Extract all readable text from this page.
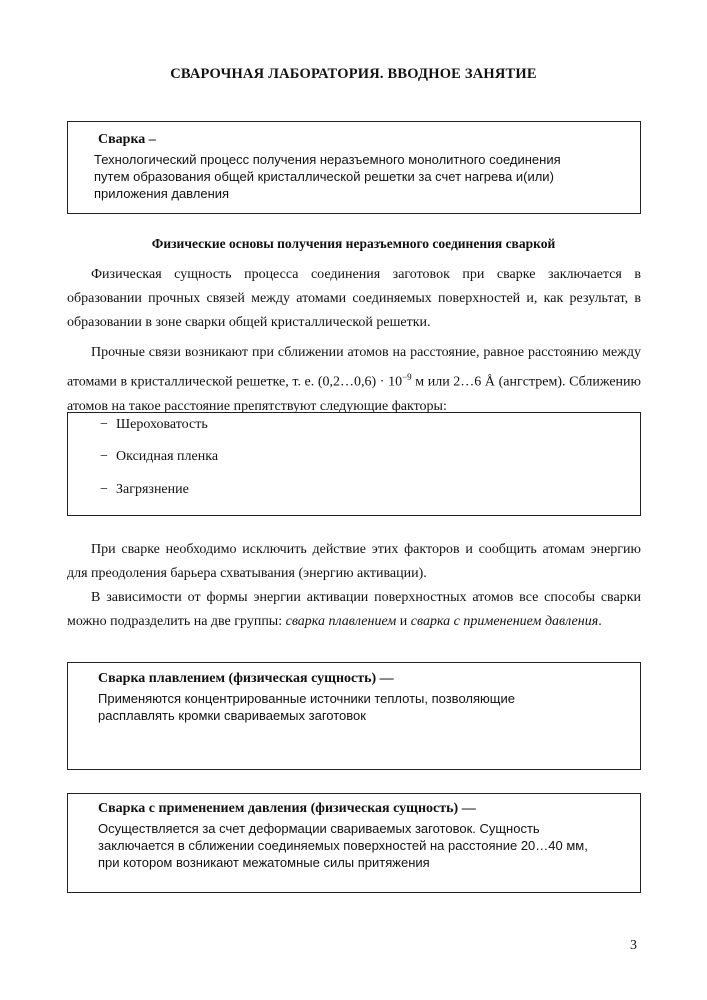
СВАРОЧНАЯ ЛАБОРАТОРИЯ. ВВОДНОЕ ЗАНЯТИЕ
Сварка –
Технологический процесс получения неразъемного монолитного соединения
путем образования общей кристаллической решетки за счет нагрева и(или)
приложения давления
Физические основы получения неразъемного соединения сваркой
Физическая сущность процесса соединения заготовок при сварке заключается в образовании прочных связей между атомами соединяемых поверхностей и, как результат, в образовании в зоне сварки общей кристаллической решетки.
Прочные связи возникают при сближении атомов на расстояние, равное расстоянию между атомами в кристаллической решетке, т. е. (0,2…0,6) · $10^{-9}$ м или 2…6 Å (ангстрем). Сближению атомов на такое расстояние препятствуют следующие факторы:
− Шероховатость
− Оксидная пленка
− Загрязнение
При сварке необходимо исключить действие этих факторов и сообщить атомам энергию для преодоления барьера схватывания (энергию активации).
В зависимости от формы энергии активации поверхностных атомов все способы сварки можно подразделить на две группы: сварка плавлением и сварка с применением давления.
Сварка плавлением (физическая сущность) —
Применяются концентрированные источники теплоты, позволяющие
расплавлять кромки свариваемых заготовок
Сварка с применением давления (физическая сущность) —
Осуществляется за счет деформации свариваемых заготовок. Сущность
заключается в сближении соединяемых поверхностей на расстояние 20…40 мм,
при котором возникают межатомные силы притяжения
3
